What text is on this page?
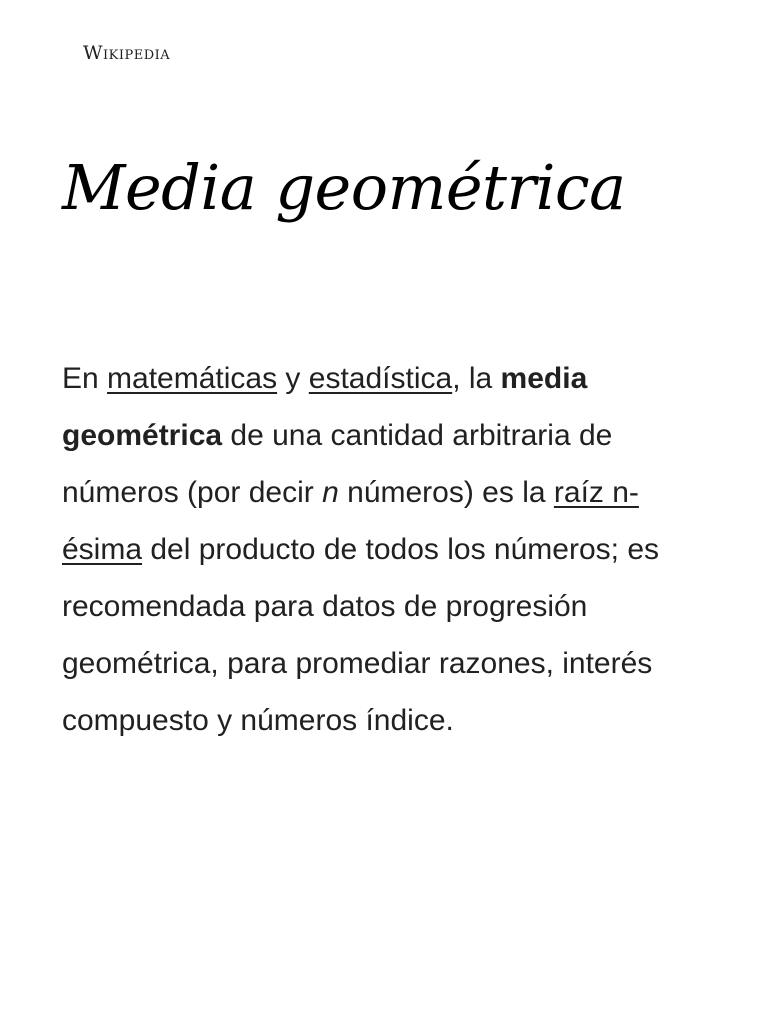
Wikipedia
Media geométrica

En matemáticas y estadística, la media geométrica de una cantidad arbitraria de números (por decir n números) es la raíz n-ésima del producto de todos los números; es recomendada para datos de progresión geométrica, para promediar razones, interés compuesto y números índice.
